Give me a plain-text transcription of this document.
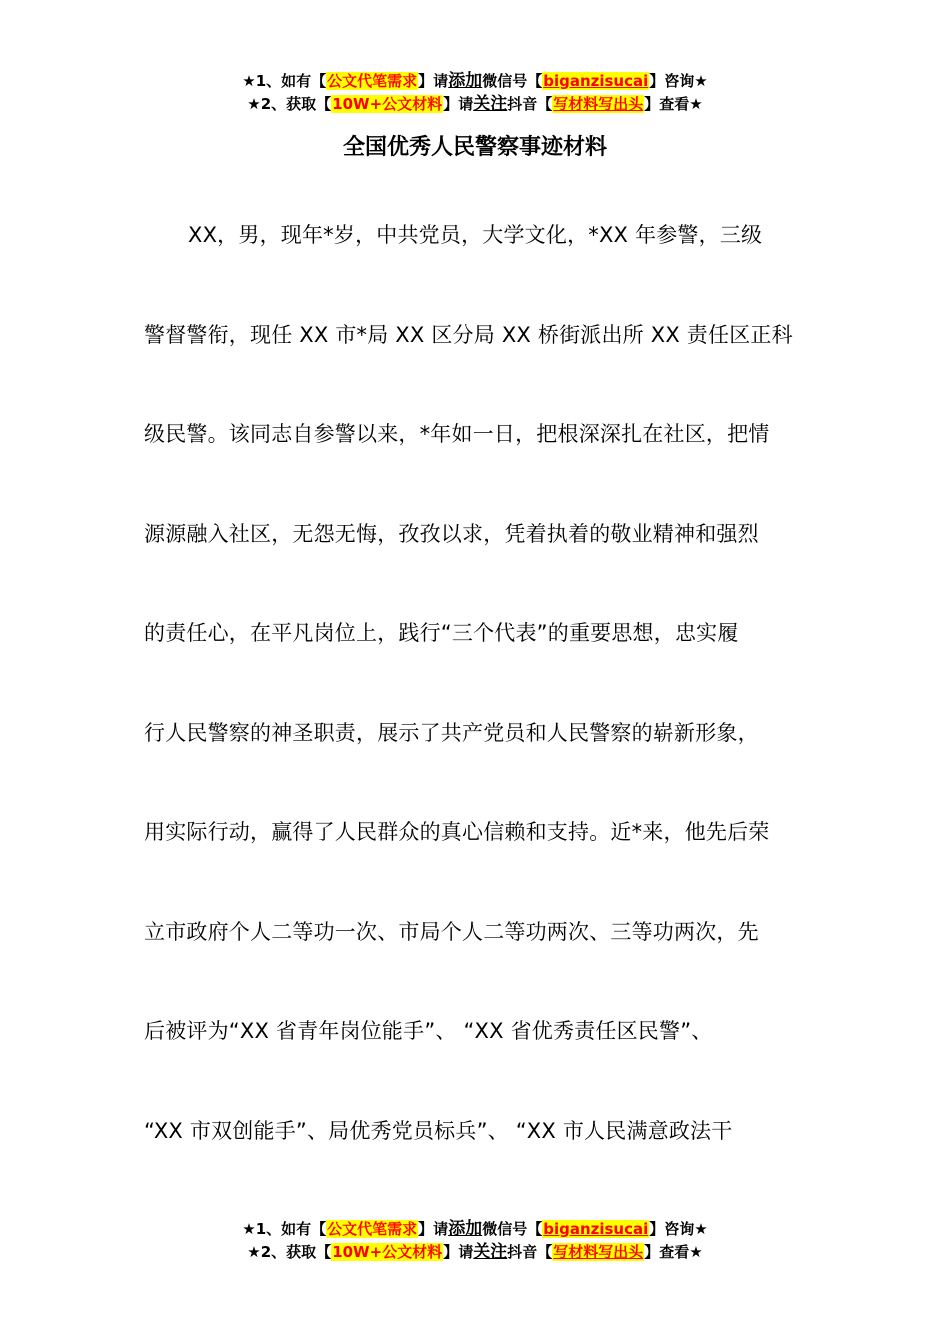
★1、如有【公文代笔需求】请添加微信号【biganzisucai】咨询★
★2、获取【10W+公文材料】请关注抖音【写材料写出头】查看★
全国优秀人民警察事迹材料
XX，男，现年*岁，中共党员，大学文化，*XX 年参警，三级
警督警衔，现任 XX 市*局 XX 区分局 XX 桥街派出所 XX 责任区正科
级民警。该同志自参警以来，*年如一日，把根深深扎在社区，把情
源源融入社区，无怨无悔，孜孜以求，凭着执着的敬业精神和强烈
的责任心，在平凡岗位上，践行“三个代表”的重要思想，忠实履
行人民警察的神圣职责，展示了共产党员和人民警察的崭新形象，
用实际行动，赢得了人民群众的真心信赖和支持。近*来，他先后荣
立市政府个人二等功一次、市局个人二等功两次、三等功两次，先
后被评为“XX 省青年岗位能手”、 “XX 省优秀责任区民警”、
“XX 市双创能手”、局优秀党员标兵”、 “XX 市人民满意政法干
★1、如有【公文代笔需求】请添加微信号【biganzisucai】咨询★
★2、获取【10W+公文材料】请关注抖音【写材料写出头】查看★
